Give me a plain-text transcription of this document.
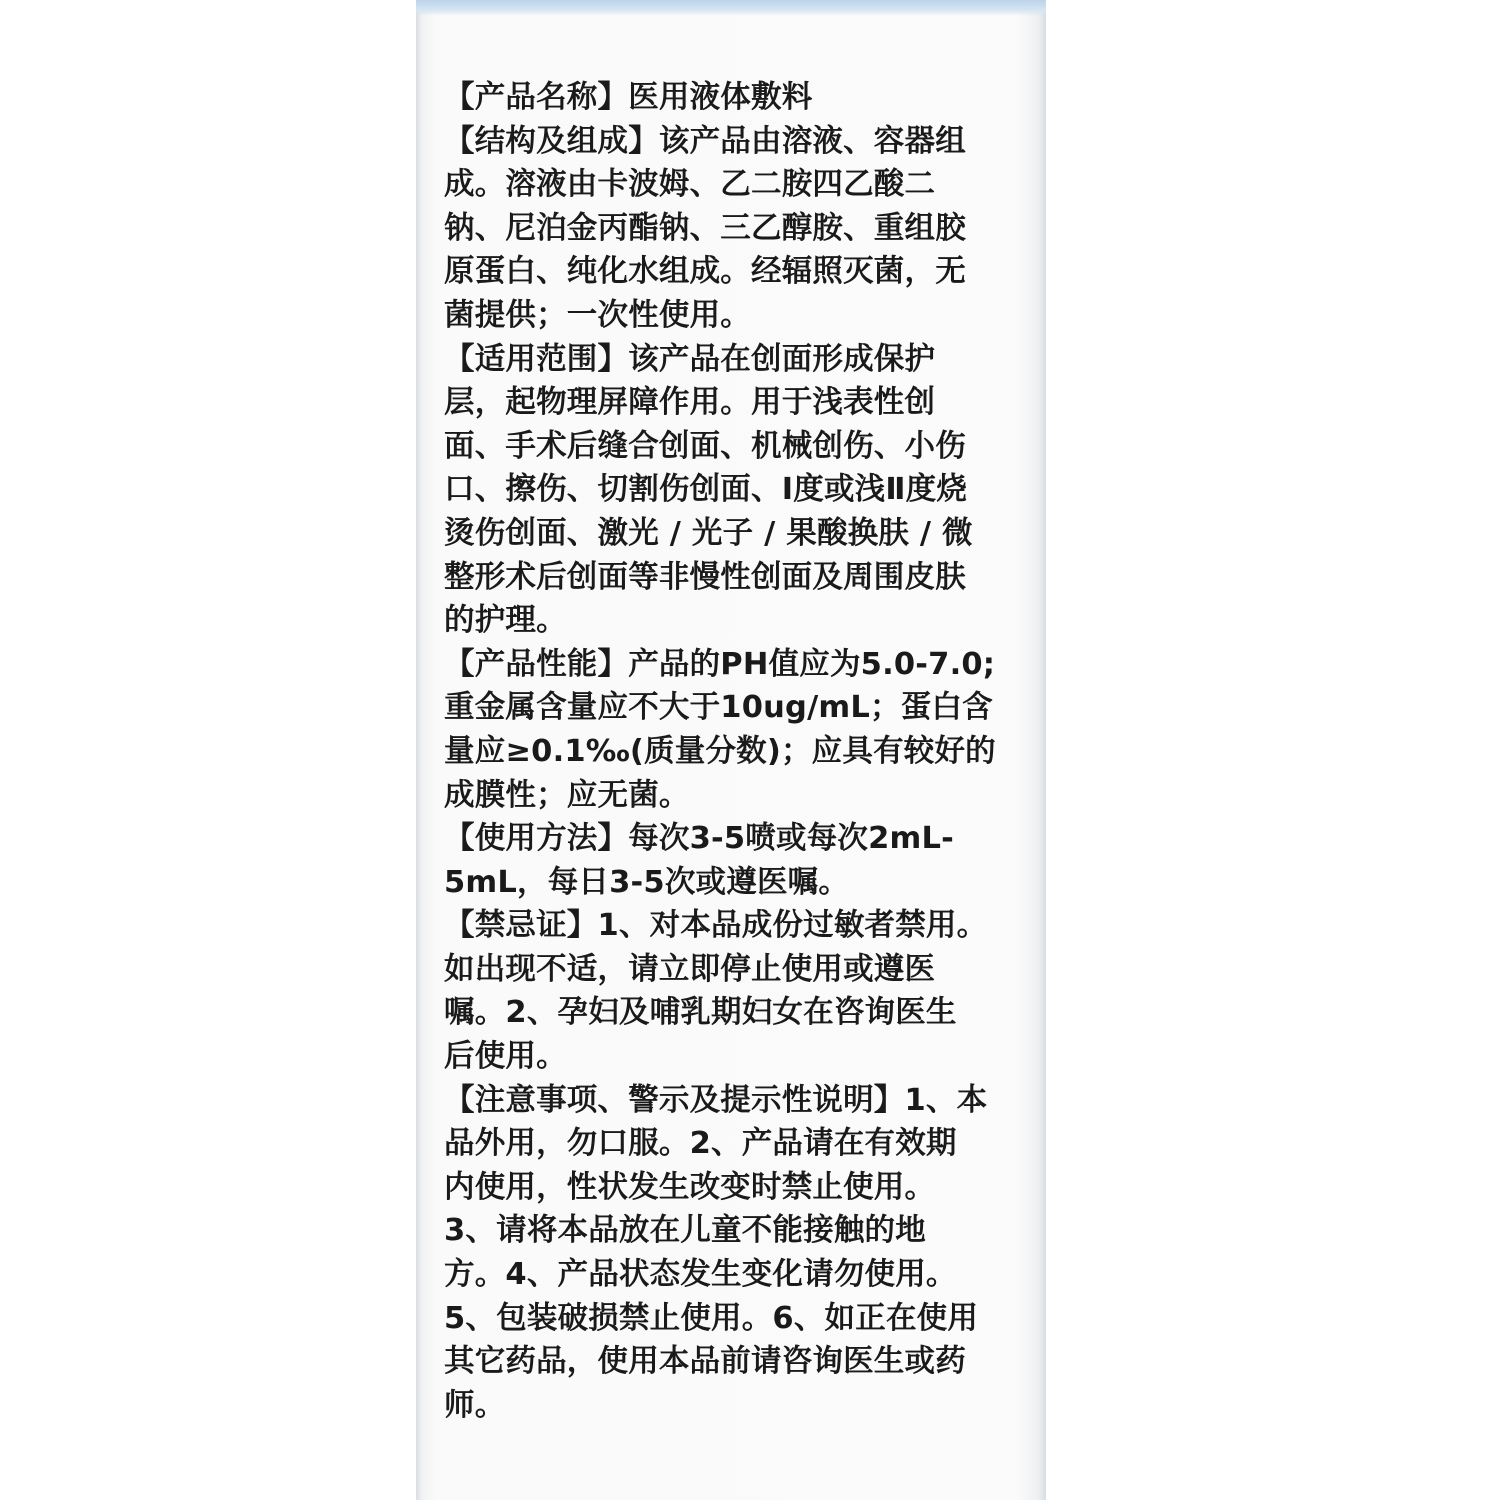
【产品名称】医用液体敷料
【结构及组成】该产品由溶液、容器组
成。溶液由卡波姆、乙二胺四乙酸二
钠、尼泊金丙酯钠、三乙醇胺、重组胶
原蛋白、纯化水组成。经辐照灭菌，无
菌提供；一次性使用。
【适用范围】该产品在创面形成保护
层，起物理屏障作用。用于浅表性创
面、手术后缝合创面、机械创伤、小伤
口、擦伤、切割伤创面、Ⅰ度或浅Ⅱ度烧
烫伤创面、激光 / 光子 / 果酸换肤 / 微
整形术后创面等非慢性创面及周围皮肤
的护理。
【产品性能】产品的PH值应为5.0-7.0;
重金属含量应不大于10ug/mL；蛋白含
量应≥0.1‰(质量分数)；应具有较好的
成膜性；应无菌。
【使用方法】每次3-5喷或每次2mL-
5mL，每日3-5次或遵医嘱。
【禁忌证】1、对本品成份过敏者禁用。
如出现不适，请立即停止使用或遵医
嘱。2、孕妇及哺乳期妇女在咨询医生
后使用。
【注意事项、警示及提示性说明】1、本
品外用，勿口服。2、产品请在有效期
内使用，性状发生改变时禁止使用。
3、请将本品放在儿童不能接触的地
方。4、产品状态发生变化请勿使用。
5、包装破损禁止使用。6、如正在使用
其它药品，使用本品前请咨询医生或药
师。
